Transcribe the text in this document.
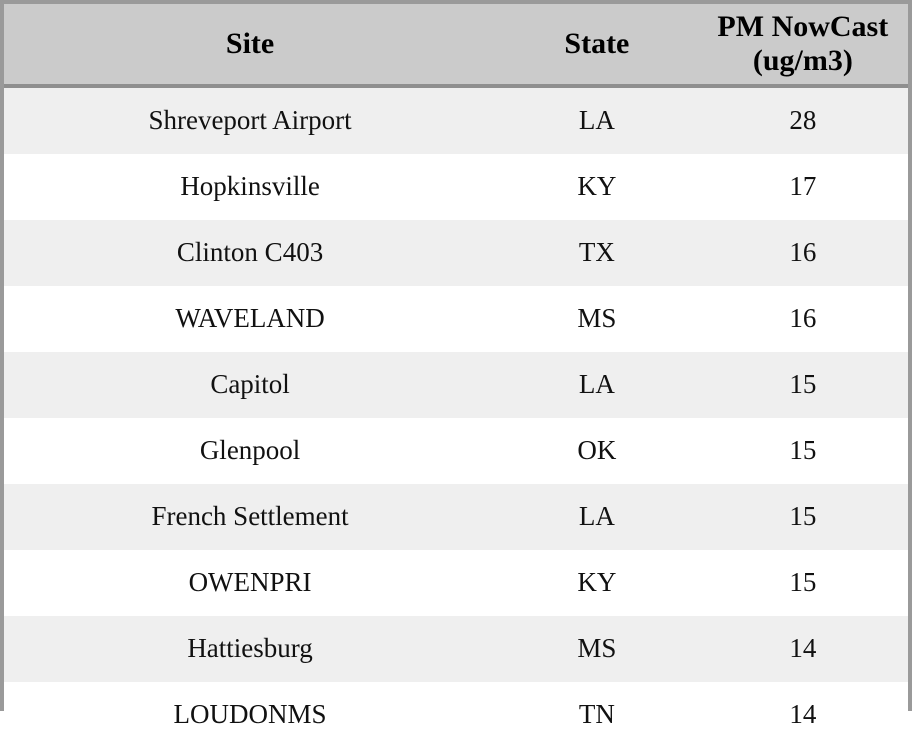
Site	State	PM NowCast (ug/m3)
Shreveport Airport	LA	28
Hopkinsville	KY	17
Clinton C403	TX	16
WAVELAND	MS	16
Capitol	LA	15
Glenpool	OK	15
French Settlement	LA	15
OWENPRI	KY	15
Hattiesburg	MS	14
LOUDONMS	TN	14
